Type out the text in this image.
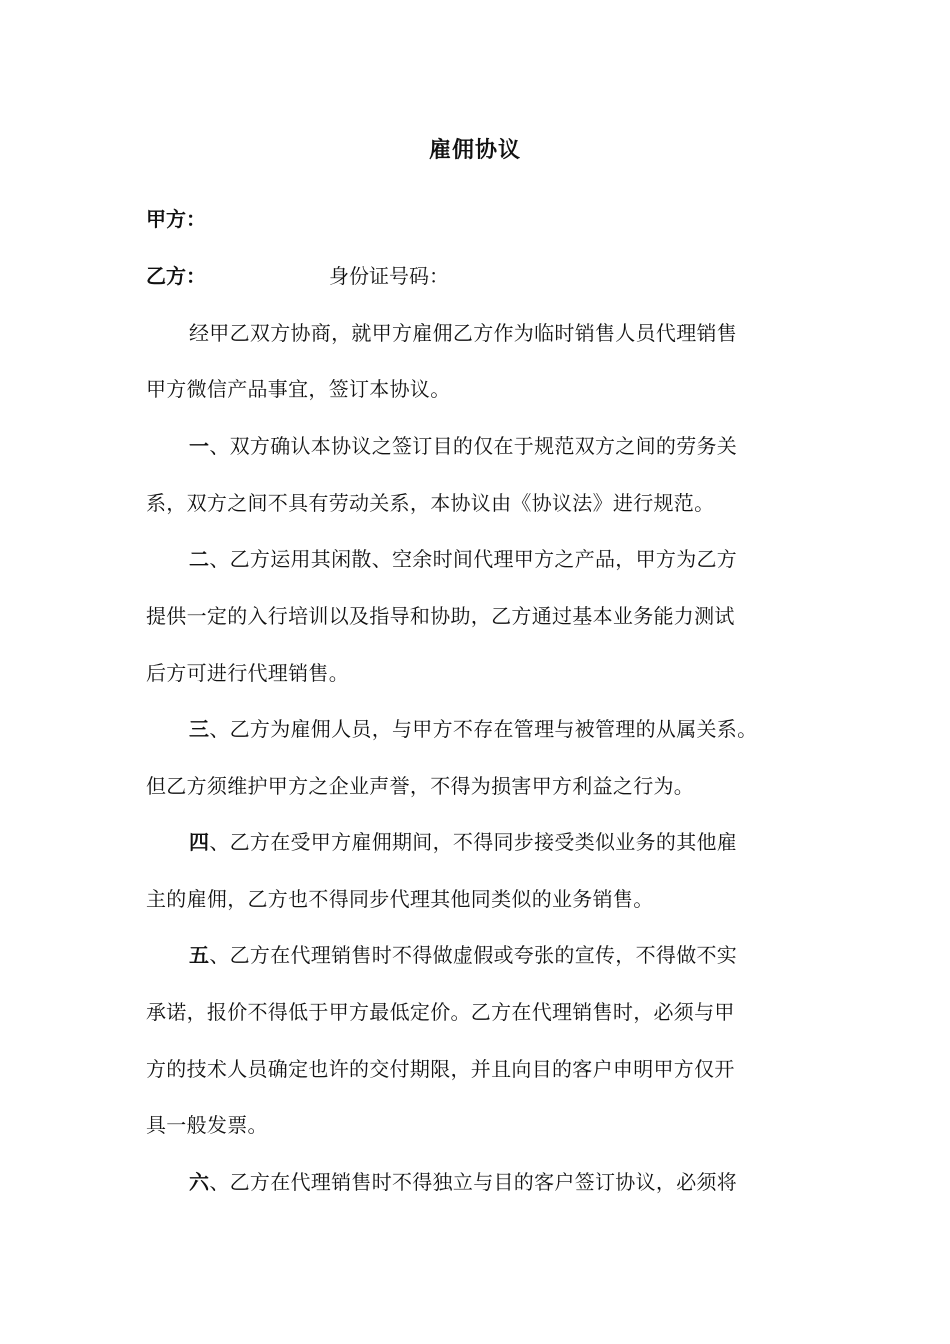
雇佣协议
甲方：
乙方：	身份证号码：
经甲乙双方协商，就甲方雇佣乙方作为临时销售人员代理销售
甲方微信产品事宜，签订本协议。
一、双方确认本协议之签订目的仅在于规范双方之间的劳务关
系，双方之间不具有劳动关系，本协议由《协议法》进行规范。
二、乙方运用其闲散、空余时间代理甲方之产品，甲方为乙方
提供一定的入行培训以及指导和协助，乙方通过基本业务能力测试
后方可进行代理销售。
三、乙方为雇佣人员，与甲方不存在管理与被管理的从属关系。
但乙方须维护甲方之企业声誉，不得为损害甲方利益之行为。
四、乙方在受甲方雇佣期间，不得同步接受类似业务的其他雇
主的雇佣，乙方也不得同步代理其他同类似的业务销售。
五、乙方在代理销售时不得做虚假或夸张的宣传，不得做不实
承诺，报价不得低于甲方最低定价。乙方在代理销售时，必须与甲
方的技术人员确定也许的交付期限，并且向目的客户申明甲方仅开
具一般发票。
六、乙方在代理销售时不得独立与目的客户签订协议，必须将
